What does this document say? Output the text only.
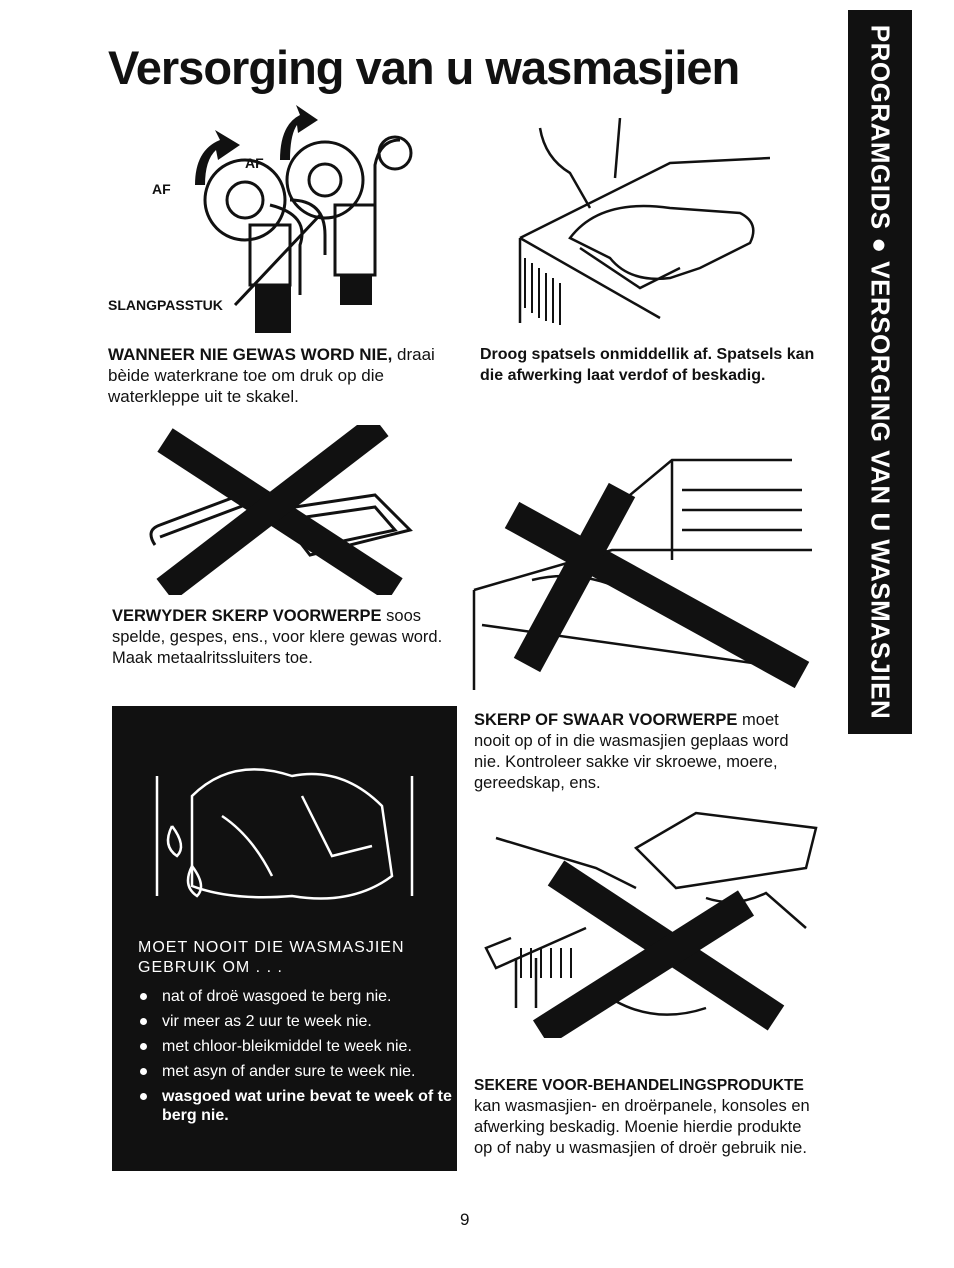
Versorging van u wasmasjien	PROGRAMGIDS ● VERSORGING VAN U WASMASJIEN
AF
AF
SLANGPASSTUK
WANNEER NIE GEWAS WORD NIE, draai bèide waterkrane toe om druk op die waterkleppe uit te skakel.
Droog spatsels onmiddellik af. Spatsels kan die afwerking laat verdof of beskadig.
VERWYDER SKERP VOORWERPE soos
spelde, gespes, ens., voor klere gewas word.
Maak metaalritssluiters toe.
SKERP OF SWAAR VOORWERPE moet nooit op of in die wasmasjien geplaas word nie. Kontroleer sakke vir skroewe, moere, gereedskap, ens.
MOET NOOIT DIE WASMASJIEN GEBRUIK OM . . .
nat of droë wasgoed te berg nie.
vir meer as 2 uur te week nie.
met chloor-bleikmiddel te week nie.
met asyn of ander sure te week nie.
wasgoed wat urine bevat te week of te berg nie.
SEKERE VOOR-BEHANDELINGSPRODUKTE
kan wasmasjien- en droërpanele, konsoles en afwerking beskadig. Moenie hierdie produkte op of naby u wasmasjien of droër gebruik nie.
9
